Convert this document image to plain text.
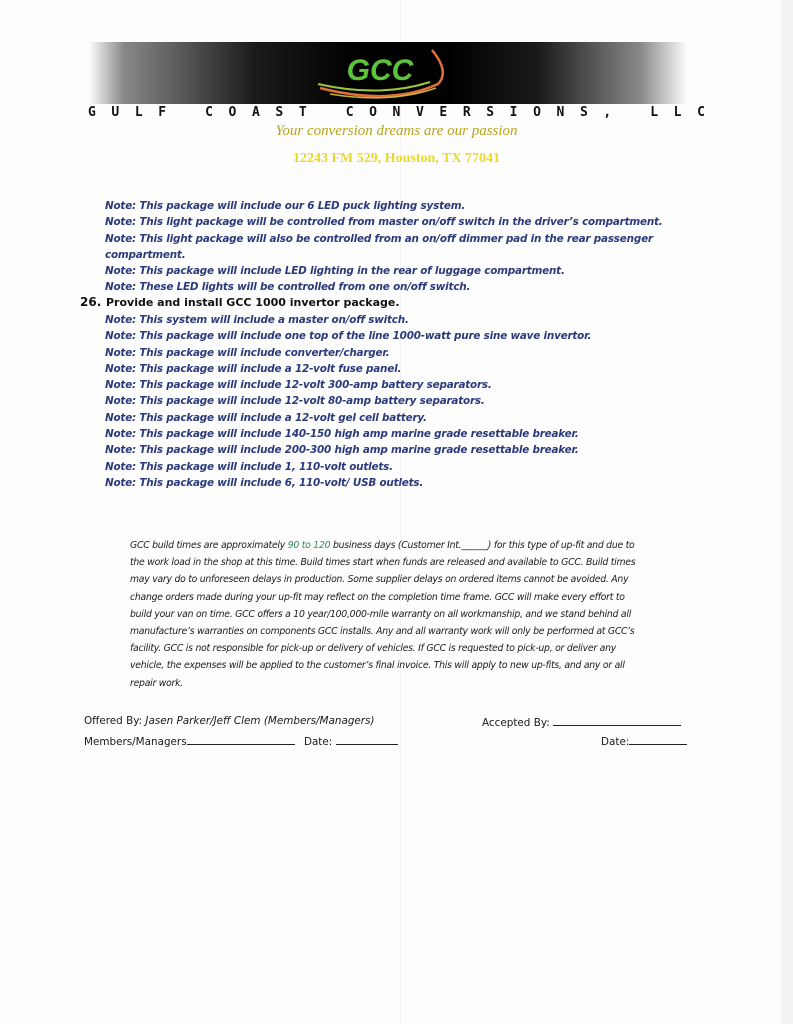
GCC
GULF COAST CONVERSIONS, LLC
Your conversion dreams are our passion
12243 FM 529, Houston, TX 77041
Note: This package will include our 6 LED puck lighting system.
Note: This light package will be controlled from master on/off switch in the driver’s compartment.
Note: This light package will also be controlled from an on/off dimmer pad in the rear passenger
compartment.
Note: This package will include LED lighting in the rear of luggage compartment.
Note: These LED lights will be controlled from one on/off switch.
26. Provide and install GCC 1000 invertor package.
Note: This system will include a master on/off switch.
Note: This package will include one top of the line 1000-watt pure sine wave invertor.
Note: This package will include converter/charger.
Note: This package will include a 12-volt fuse panel.
Note: This package will include 12-volt 300-amp battery separators.
Note: This package will include 12-volt 80-amp battery separators.
Note: This package will include a 12-volt gel cell battery.
Note: This package will include 140-150 high amp marine grade resettable breaker.
Note: This package will include 200-300 high amp marine grade resettable breaker.
Note: This package will include 1, 110-volt outlets.
Note: This package will include 6, 110-volt/ USB outlets.
GCC build times are approximately 90 to 120 business days (Customer Int.______) for this type of up-fit and due to
the work load in the shop at this time. Build times start when funds are released and available to GCC. Build times
may vary do to unforeseen delays in production. Some supplier delays on ordered items cannot be avoided. Any
change orders made during your up-fit may reflect on the completion time frame. GCC will make every effort to
build your van on time. GCC offers a 10 year/100,000-mile warranty on all workmanship, and we stand behind all
manufacture’s warranties on components GCC installs. Any and all warranty work will only be performed at GCC’s
facility. GCC is not responsible for pick-up or delivery of vehicles. If GCC is requested to pick-up, or deliver any
vehicle, the expenses will be applied to the customer’s final invoice. This will apply to new up-fits, and any or all
repair work.
Offered By: Jasen Parker/Jeff Clem (Members/Managers)
Members/Managers	Date:
Accepted By:
Date:
